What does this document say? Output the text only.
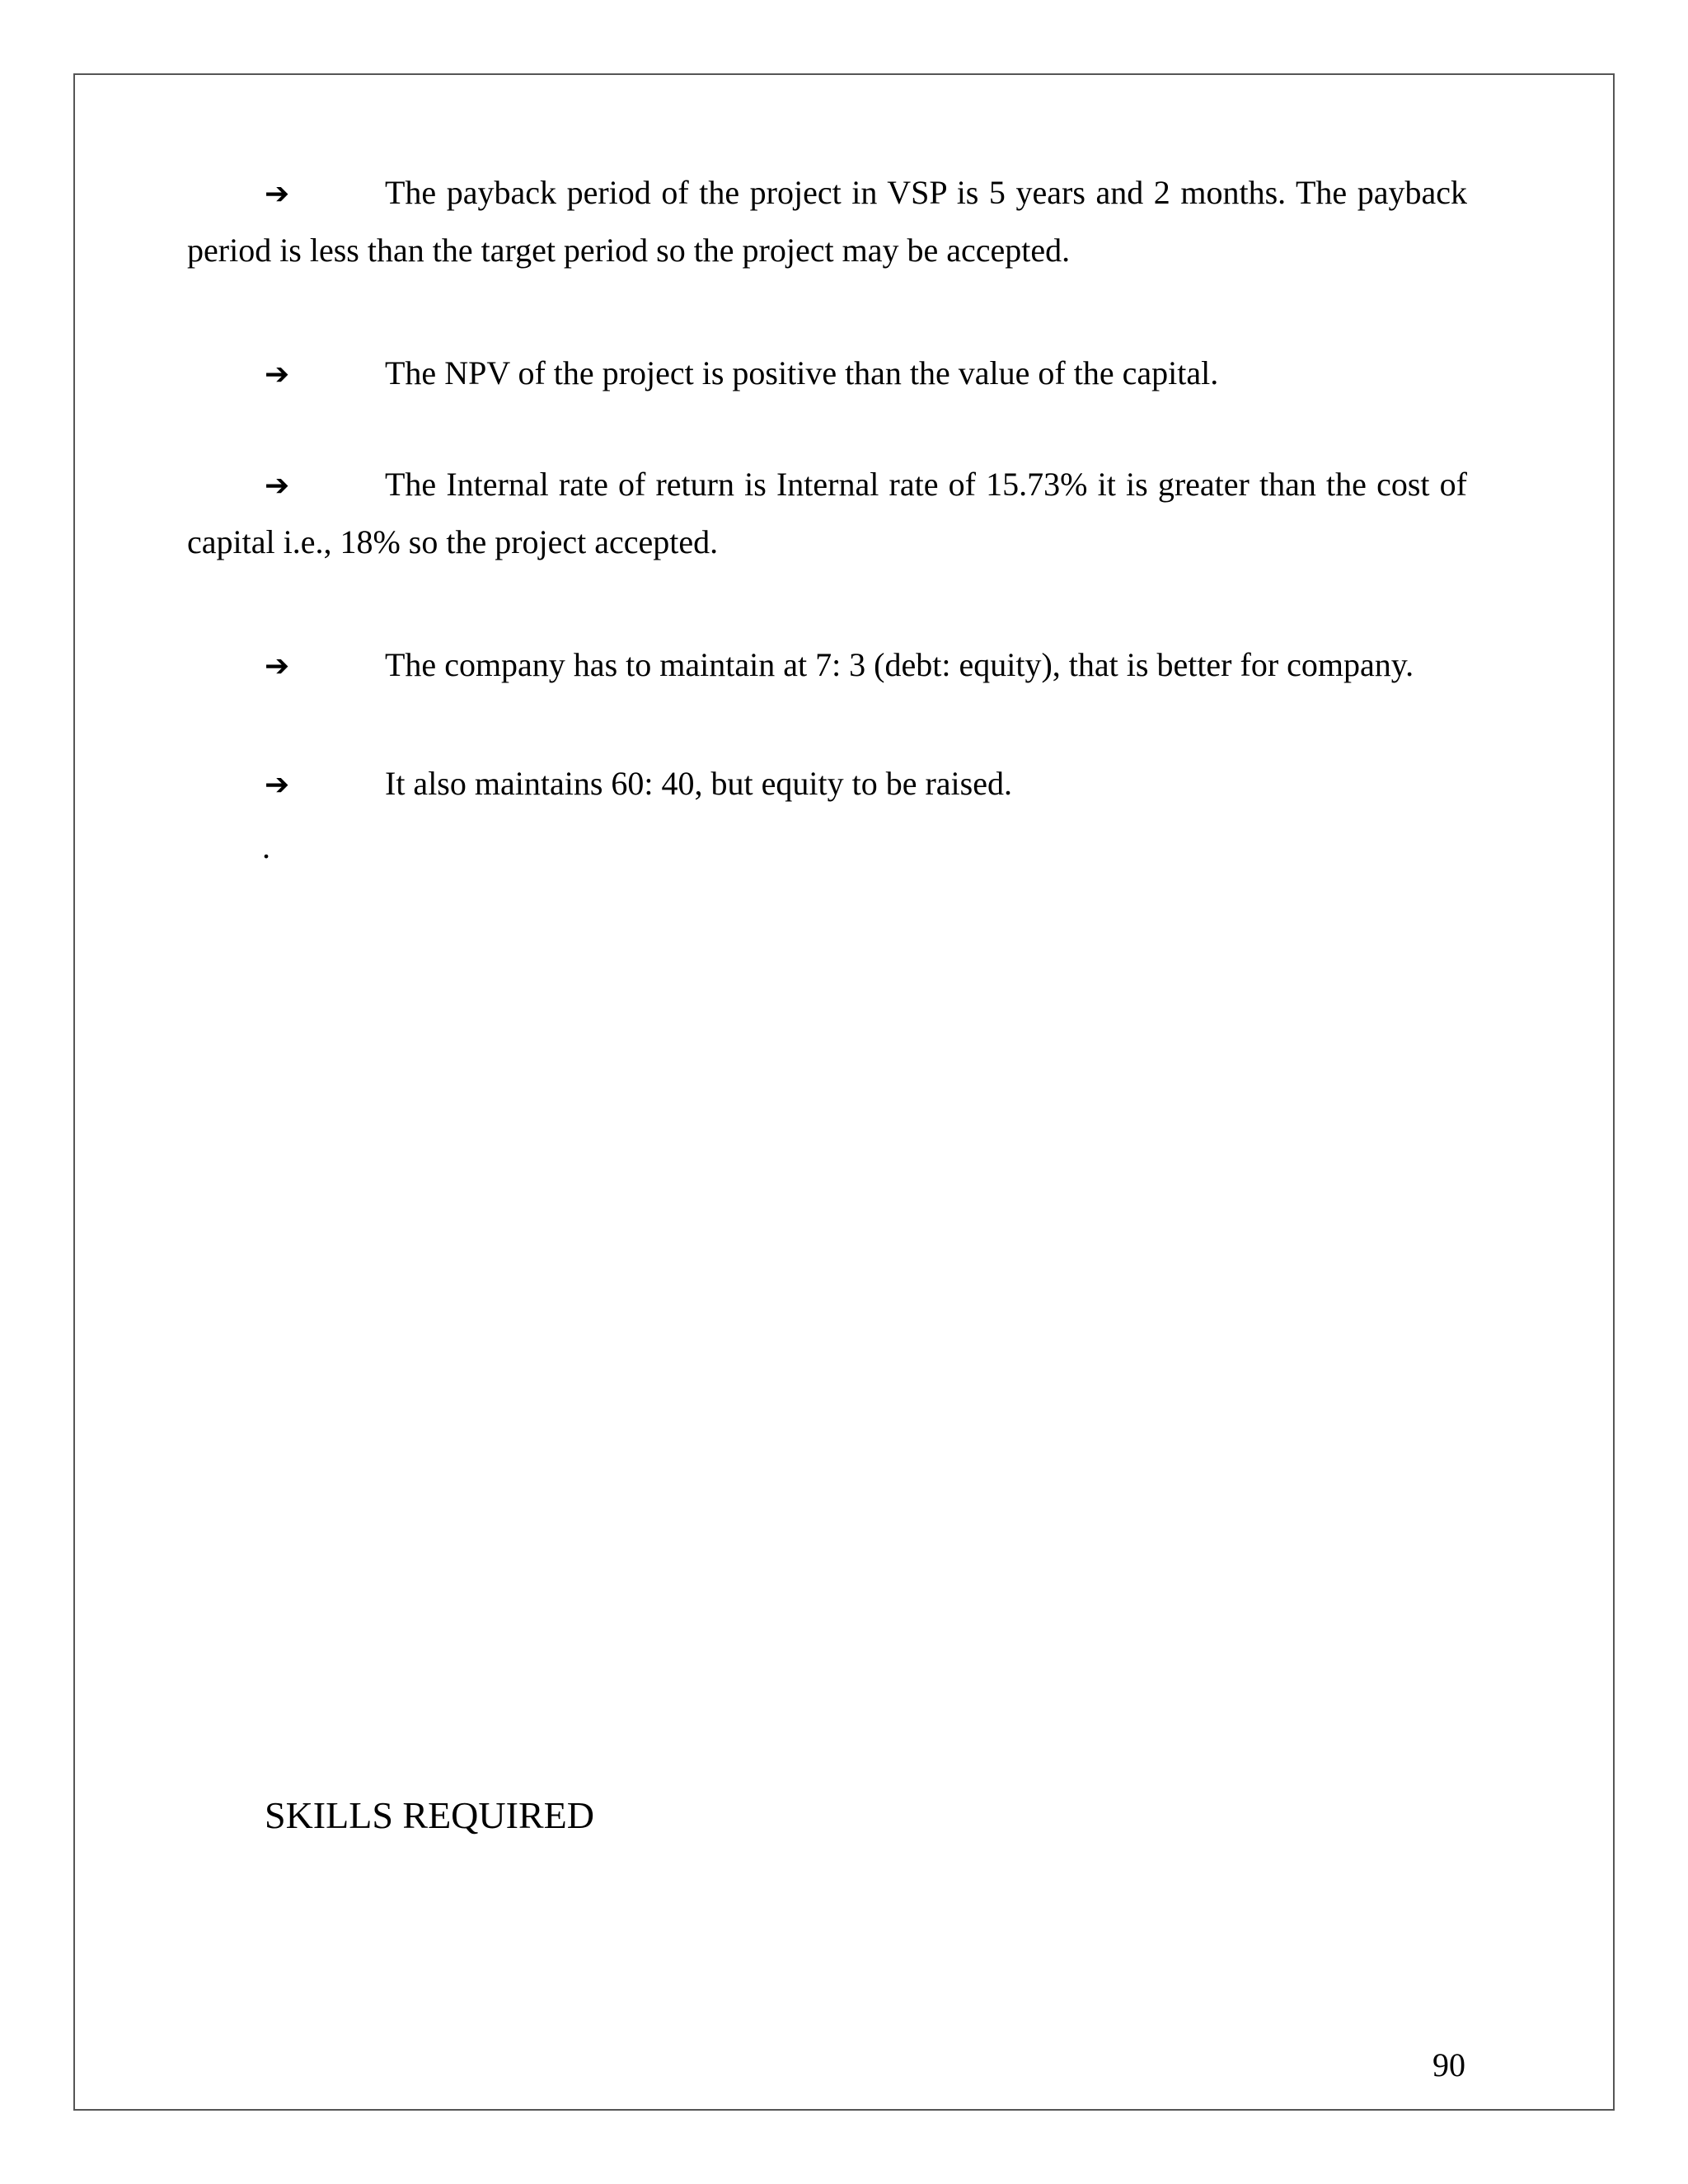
➔	The payback period of the project in VSP is 5 years and 2 months. The payback period is less than the target period so the project may be accepted.

➔	The NPV of the project is positive than the value of the capital.

➔	The Internal rate of return is Internal rate of 15.73% it is greater than the cost of capital i.e., 18% so the project accepted.

➔	The company has to maintain at 7: 3 (debt: equity), that is better for company.

➔	It also maintains 60: 40, but equity to be raised.

.
SKILLS REQUIRED
90
